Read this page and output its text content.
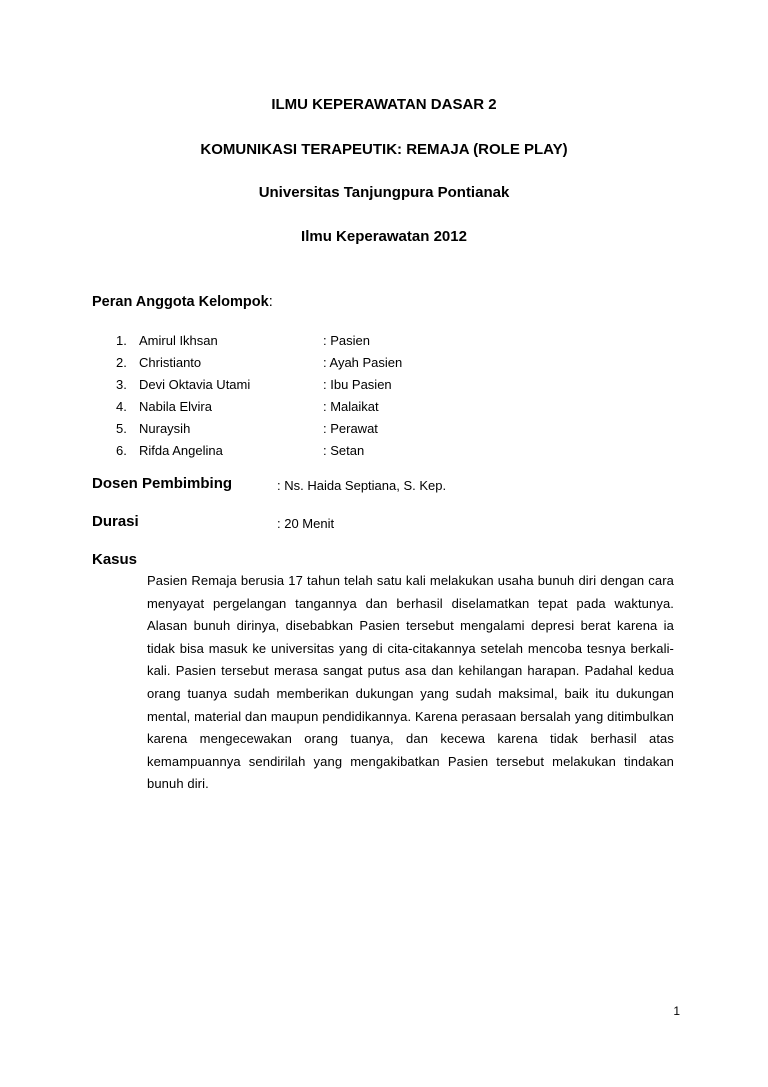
ILMU KEPERAWATAN DASAR 2
KOMUNIKASI TERAPEUTIK: REMAJA (ROLE PLAY)
Universitas Tanjungpura Pontianak
Ilmu Keperawatan 2012

Peran Anggota Kelompok:

1. Amirul Ikhsan	: Pasien
2. Christianto	: Ayah Pasien
3. Devi Oktavia Utami	: Ibu Pasien
4. Nabila Elvira	: Malaikat
5. Nuraysih	: Perawat
6. Rifda Angelina	: Setan

Dosen Pembimbing	: Ns. Haida Septiana, S. Kep.

Durasi	: 20 Menit

Kasus

Pasien Remaja berusia 17 tahun telah satu kali melakukan usaha bunuh diri dengan cara menyayat pergelangan tangannya dan berhasil diselamatkan tepat pada waktunya. Alasan bunuh dirinya, disebabkan Pasien tersebut mengalami depresi berat karena ia tidak bisa masuk ke universitas yang di cita-citakannya setelah mencoba tesnya berkali-kali. Pasien tersebut merasa sangat putus asa dan kehilangan harapan. Padahal kedua orang tuanya sudah memberikan dukungan yang sudah maksimal, baik itu dukungan mental, material dan maupun pendidikannya. Karena perasaan bersalah yang ditimbulkan karena mengecewakan orang tuanya, dan kecewa karena tidak berhasil atas kemampuannya sendirilah yang mengakibatkan Pasien tersebut melakukan tindakan bunuh diri.

1
